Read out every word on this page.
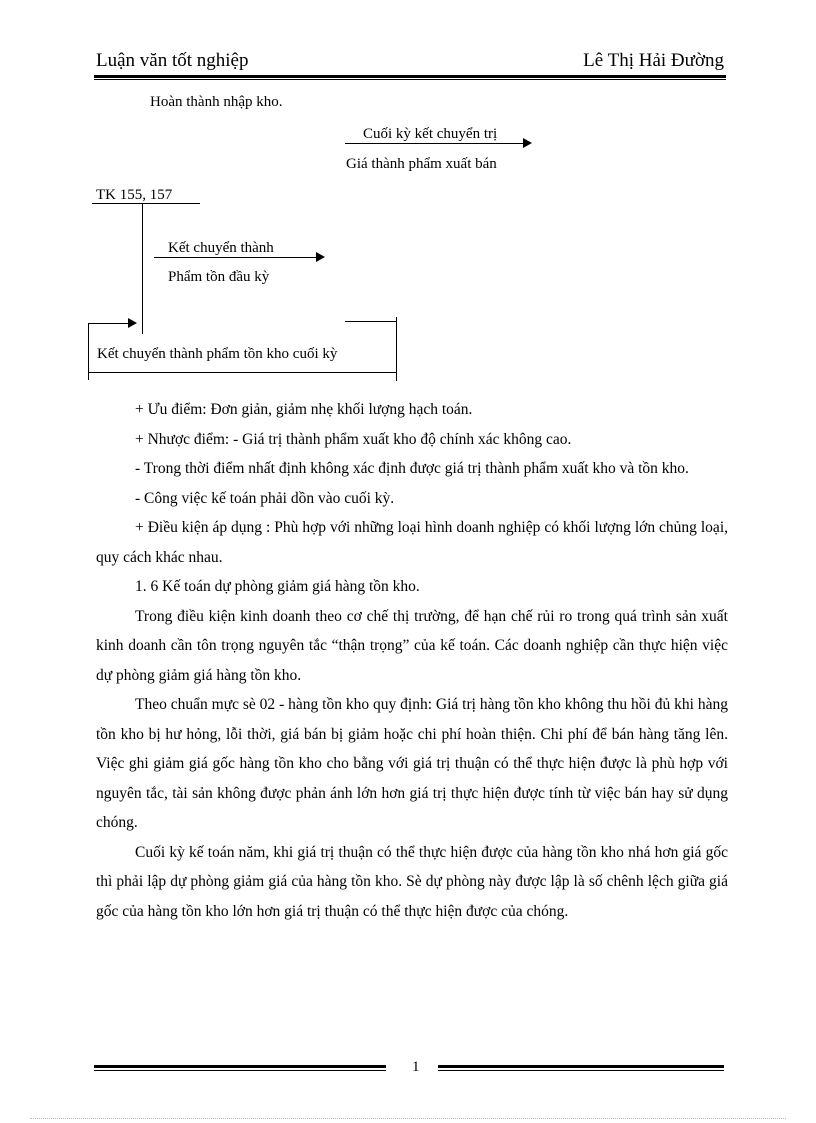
Luận văn tốt nghiệp	Lê Thị Hải Đường
Hoàn thành nhập kho.
Cuối kỳ kết chuyển trị
Giá thành phẩm xuất bán
TK 155, 157
Kết chuyển thành
Phẩm tồn đầu kỳ
Kết chuyển thành phẩm tồn kho cuối kỳ

+ Ưu điểm: Đơn giản, giảm nhẹ khối lượng hạch toán.

+ Nhược điểm: - Giá trị thành phẩm xuất kho độ chính xác không cao.

- Trong thời điểm nhất định không xác định được giá trị thành phẩm xuất kho và tồn kho.

- Công việc kế toán phải dồn vào cuối kỳ.

+ Điều kiện áp dụng : Phù hợp với những loại hình doanh nghiệp có khối lượng lớn chủng loại, quy cách khác nhau.

1. 6 Kế toán dự phòng giảm giá hàng tồn kho.

Trong điều kiện kinh doanh theo cơ chế thị trường, để hạn chế rủi ro trong quá trình sản xuất kinh doanh cần tôn trọng nguyên tắc “thận trọng” của kế toán. Các doanh nghiệp cần thực hiện việc dự phòng giảm giá hàng tồn kho.

Theo chuẩn mực sè 02 - hàng tồn kho quy định: Giá trị hàng tồn kho không thu hồi đủ khi hàng tồn kho bị hư hỏng, lỗi thời, giá bán bị giảm hoặc chi phí hoàn thiện. Chi phí để bán hàng tăng lên. Việc ghi giảm giá gốc hàng tồn kho cho bằng với giá trị thuận có thể thực hiện được là phù hợp với nguyên tắc, tài sản không được phản ánh lớn hơn giá trị thực hiện được tính từ việc bán hay sử dụng chóng.

Cuối kỳ kế toán năm, khi giá trị thuận có thể thực hiện được của hàng tồn kho nhá hơn giá gốc thì phải lập dự phòng giảm giá của hàng tồn kho. Sè dự phòng này được lập là số chênh lệch giữa giá gốc của hàng tồn kho lớn hơn giá trị thuận có thể thực hiện được của chóng.

1
